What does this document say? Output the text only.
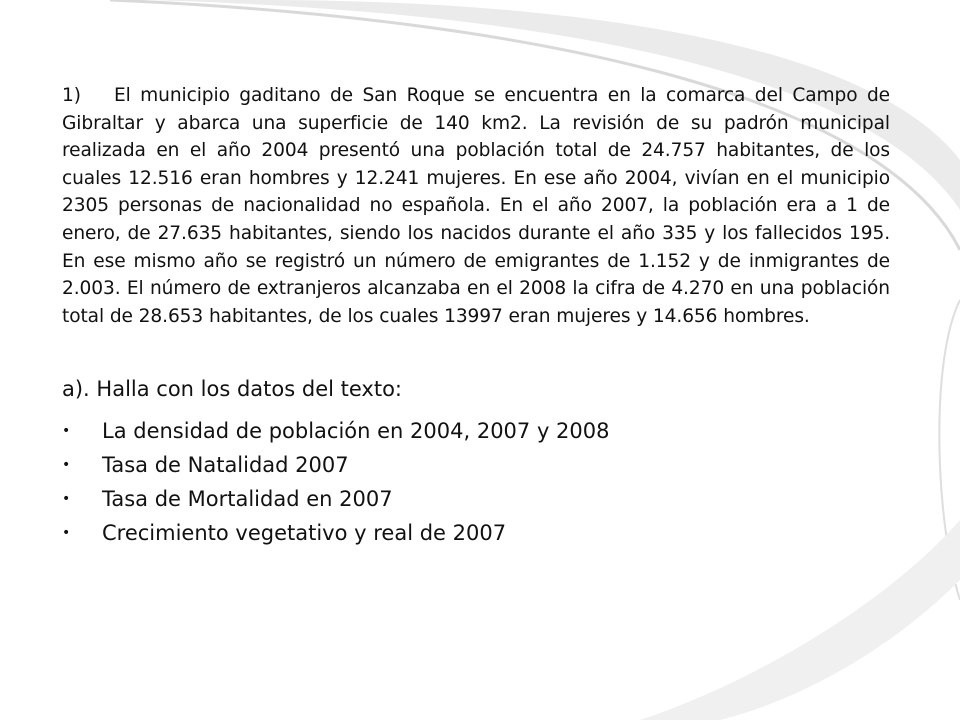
1) El municipio gaditano de San Roque se encuentra en la comarca del Campo de Gibraltar y abarca una superficie de 140 km2. La revisión de su padrón municipal realizada en el año 2004 presentó una población total de 24.757 habitantes, de los cuales 12.516 eran hombres y 12.241 mujeres. En ese año 2004, vivían en el municipio 2305 personas de nacionalidad no española. En el año 2007, la población era a 1 de enero, de 27.635 habitantes, siendo los nacidos durante el año 335 y los fallecidos 195. En ese mismo año se registró un número de emigrantes de 1.152 y de inmigrantes de 2.003. El número de extranjeros alcanzaba en el 2008 la cifra de 4.270 en una población total de 28.653 habitantes, de los cuales 13997 eran mujeres y 14.656 hombres.

a). Halla con los datos del texto:

• La densidad de población en 2004, 2007 y 2008
• Tasa de Natalidad 2007
• Tasa de Mortalidad en 2007
• Crecimiento vegetativo y real de 2007
